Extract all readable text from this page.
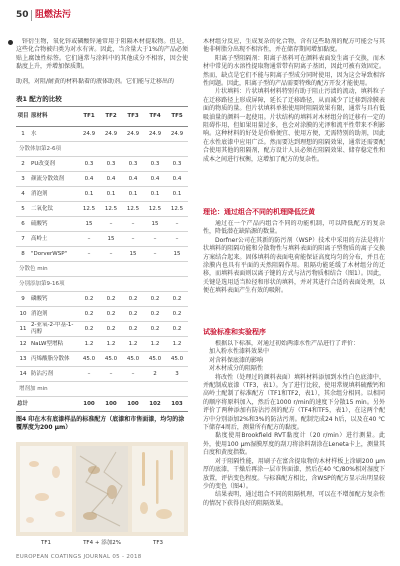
50 阻燃法污

锌衍生物，氧化锌或磷酸锌通常用于阻隔木材提取物。但是，这些化合物被归类为对水有害。因此，当含量大于1%的产品必须贴上腐蚀性标签。它们通常与涂料中的其他成分不相容，因会使黏度上升，并增加保质期。

助剂，对阻/耐黄的材料黏着的液体助剂。它们能与迁移出的

表1 配方的比较
项目	原材料	TF1	TF2	TF3	TF4	TF5
1	水	24.9	24.9	24.9	24.9	24.9
分散体加第2-6项						
2	PU改变剂	0.3	0.3	0.3	0.3	0.3
3	颜流分散效剂	0.4	0.4	0.4	0.4	0.4
4	消泡剂	0.1	0.1	0.1	0.1	0.1
5	二氧化钛	12.5	12.5	12.5	12.5	12.5
6	硫酸钙	15	–	–	15	–
7	高岭土	–	15	–	–	–
8	"DorverWSP"	–	–	15	–	15
分散色 min						
分别添加第9-16项						
9	磷酸钙	0.2	0.2	0.2	0.2	0.2
10	消泡剂	0.2	0.2	0.2	0.2	0.2
11	2-亚氧-2-甲基-1-丙醇	0.2	0.2	0.2	0.2	0.2
12	NaLW型增粘	1.2	1.2	1.2	1.2	1.2
13	丙烯酸脂分散体	45.0	45.0	45.0	45.0	45.0
14	防沾污剂	–	–	–	2	3
增剂加 min						
总计		100	100	100	102	103
图4 印在木有底漆样品的标准配方（底漆和市售面漆，均匀的涂覆厚度为200 μm）
TF1	TF4 + 添加2%	TF3
EUROPEAN COATINGS JOURNAL 05 - 2018

木材组分反应，生成复杂的化合物，含有这些助剂的配方可能会与其他非树脂分出现不相容性，并在储存期间增加黏度。

阳离子型阻隔剂：阳离子基料可在颜料表面发生离子交换，而木材中常见的水溶性提取物通常带有阴离子基团，因此可被有效固定。然而，缺点是它们不能与阴离子型成分同时使用，因为这会导致相容性问题。因此，阳离子型的产品需要特殊的配方开发才能使用。

片状填料：片状填料材料特别有助于阻止污渍的流动，填料粒子在迁移路径上形成屏障，延长了迁移路径，从而减少了迁移到涂膜表面的物质的量。但片状填料单独使用时阻隔效果有限，通常与具有低吸油量的颜料一起使用。片状结构的填料对木材组分的迁移有一定的阻碍作用，但如果用量过多，也会对涂膜的光泽和流平性带来不利影响。这种材料的好处是价格便宜、使用方便，无需特别的助剂，因此在水性底漆中应用广泛。然而要达到理想的阻隔效果，通常还需要配合使用其他的阻隔剂，配方设计人员必须在阻隔效果、储存稳定性和成本之间进行权衡，这增加了配方的复杂性。

理论：通过组合不同的机理降低泛黄

通过在一个产品内组合不同的功能机制，可以降低配方的复杂性，降低潜在缺陷源的数量。

Dorfner公司在其新的防污剂（WSP）技术中采用的方法是将片状填料的阻隔功能和分散物性与填料表面的阳离子型物质的离子交换方案结合起来。固体填料的表面电荷能保证高度均匀的分布，并且在涂膜内也具有平面的天然阻隔作用。阻隔功能延缓了木材组分的迁移，而填料表面则以离子键的方式与沾污物质相结合（图1）。因此，关键是选用适当粒径和形状的填料，并对其进行合适的表面处理，以便在填料表面产生有效的吸附。

试验标准和实验程序

根据以下标准，对通过初始两漆水性产品进行了评价：

加入粉水性漆料效果中
对含料保底漆的影响
对木材成分的阻隔性

将改性（处理过的颜料表面）填料材料添加到水性白色底漆中，并配制成底漆（TF3，表1）。为了进行比较，使用常规填料硫酸钙和高岭土配制了标准配方（TF1和TF2，表1），其余组分相同。以相同的顺序将原料加入，然后在1000 r/min的速度下分散15 min。另外评价了两种添加有防沾污剂的配方（TF4和TF5，表1），在这两个配方中分别添加2%和3%的防沾污剂。配制完成24 h后，以及在40 ℃下储存4周后，测量所有配方的黏度。

黏度使用Brookfield RVT黏度计（20 r/min）进行测量。此外，使用100 μm湿膜厚度的刮刀将涂料刮涂在Leneta卡上，测量其白度和黄度指数。

对于阻隔性能，用刷子在富含提取物的木材样板上涂刷200 μm厚的底漆，干燥后再涂一层市售面漆，然后在40 ℃/80%相对湿度下放置，评估变色程度。与标准配方相比，含WSP的配方显示出明显较少的变色（图4）。

结果表明，通过组合不同的阻隔机理，可以在不增加配方复杂性的情况下获得良好的阻隔效果。
